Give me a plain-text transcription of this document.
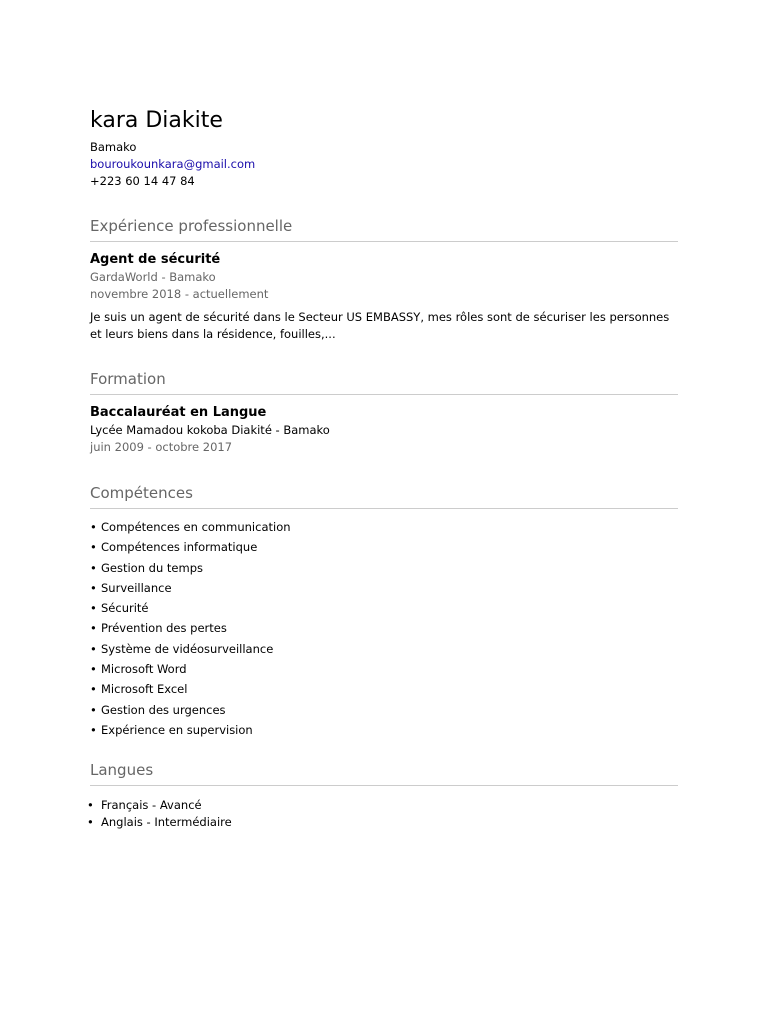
kara Diakite
Bamako
bouroukounkara@gmail.com
+223 60 14 47 84
Expérience professionnelle
Agent de sécurité
GardaWorld - Bamako
novembre 2018 - actuellement
Je suis un agent de sécurité dans le Secteur US EMBASSY, mes rôles sont de sécuriser les personnes et leurs biens dans la résidence, fouilles,...
Formation
Baccalauréat en Langue
Lycée Mamadou kokoba Diakité - Bamako
juin 2009 - octobre 2017
Compétences
• Compétences en communication
• Compétences informatique
• Gestion du temps
• Surveillance
• Sécurité
• Prévention des pertes
• Système de vidéosurveillance
• Microsoft Word
• Microsoft Excel
• Gestion des urgences
• Expérience en supervision
Langues
• Français - Avancé
• Anglais - Intermédiaire
